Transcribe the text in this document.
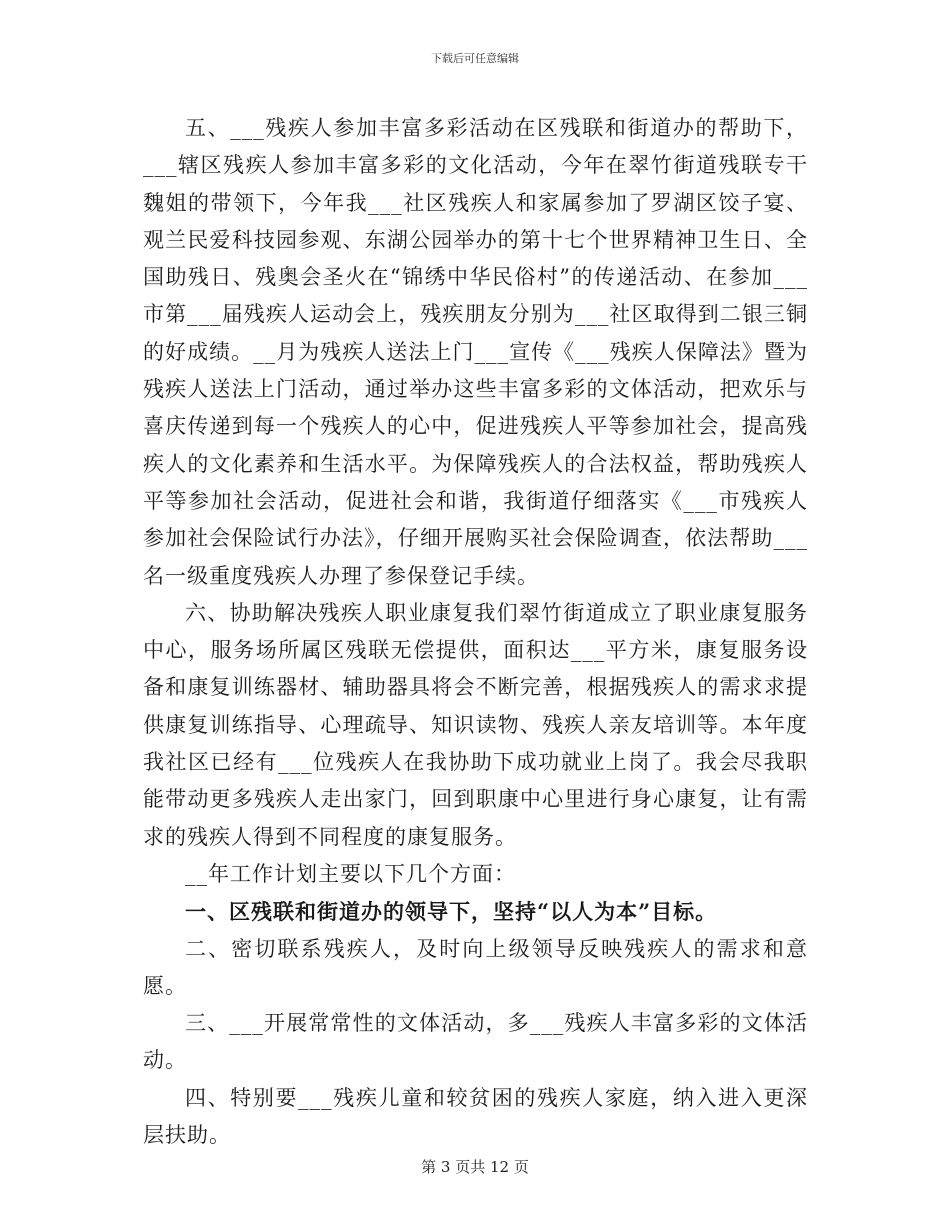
下载后可任意编辑

五、___残疾人参加丰富多彩活动在区残联和街道办的帮助下，___辖区残疾人参加丰富多彩的文化活动，今年在翠竹街道残联专干魏姐的带领下，今年我___社区残疾人和家属参加了罗湖区饺子宴、观兰民爱科技园参观、东湖公园举办的第十七个世界精神卫生日、全国助残日、残奥会圣火在“锦绣中华民俗村”的传递活动、在参加___市第___届残疾人运动会上，残疾朋友分别为___社区取得到二银三铜的好成绩。__月为残疾人送法上门___宣传《___残疾人保障法》暨为残疾人送法上门活动，通过举办这些丰富多彩的文体活动，把欢乐与喜庆传递到每一个残疾人的心中，促进残疾人平等参加社会，提高残疾人的文化素养和生活水平。为保障残疾人的合法权益，帮助残疾人平等参加社会活动，促进社会和谐，我街道仔细落实《___市残疾人参加社会保险试行办法》，仔细开展购买社会保险调查，依法帮助___名一级重度残疾人办理了参保登记手续。

六、协助解决残疾人职业康复我们翠竹街道成立了职业康复服务中心，服务场所属区残联无偿提供，面积达___平方米，康复服务设备和康复训练器材、辅助器具将会不断完善，根据残疾人的需求求提供康复训练指导、心理疏导、知识读物、残疾人亲友培训等。本年度我社区已经有___位残疾人在我协助下成功就业上岗了。我会尽我职能带动更多残疾人走出家门，回到职康中心里进行身心康复，让有需求的残疾人得到不同程度的康复服务。

__年工作计划主要以下几个方面：

一、区残联和街道办的领导下，坚持“以人为本”目标。

二、密切联系残疾人，及时向上级领导反映残疾人的需求和意愿。

三、___开展常常性的文体活动，多___残疾人丰富多彩的文体活动。

四、特别要___残疾儿童和较贫困的残疾人家庭，纳入进入更深层扶助。

第 3 页共 12 页
